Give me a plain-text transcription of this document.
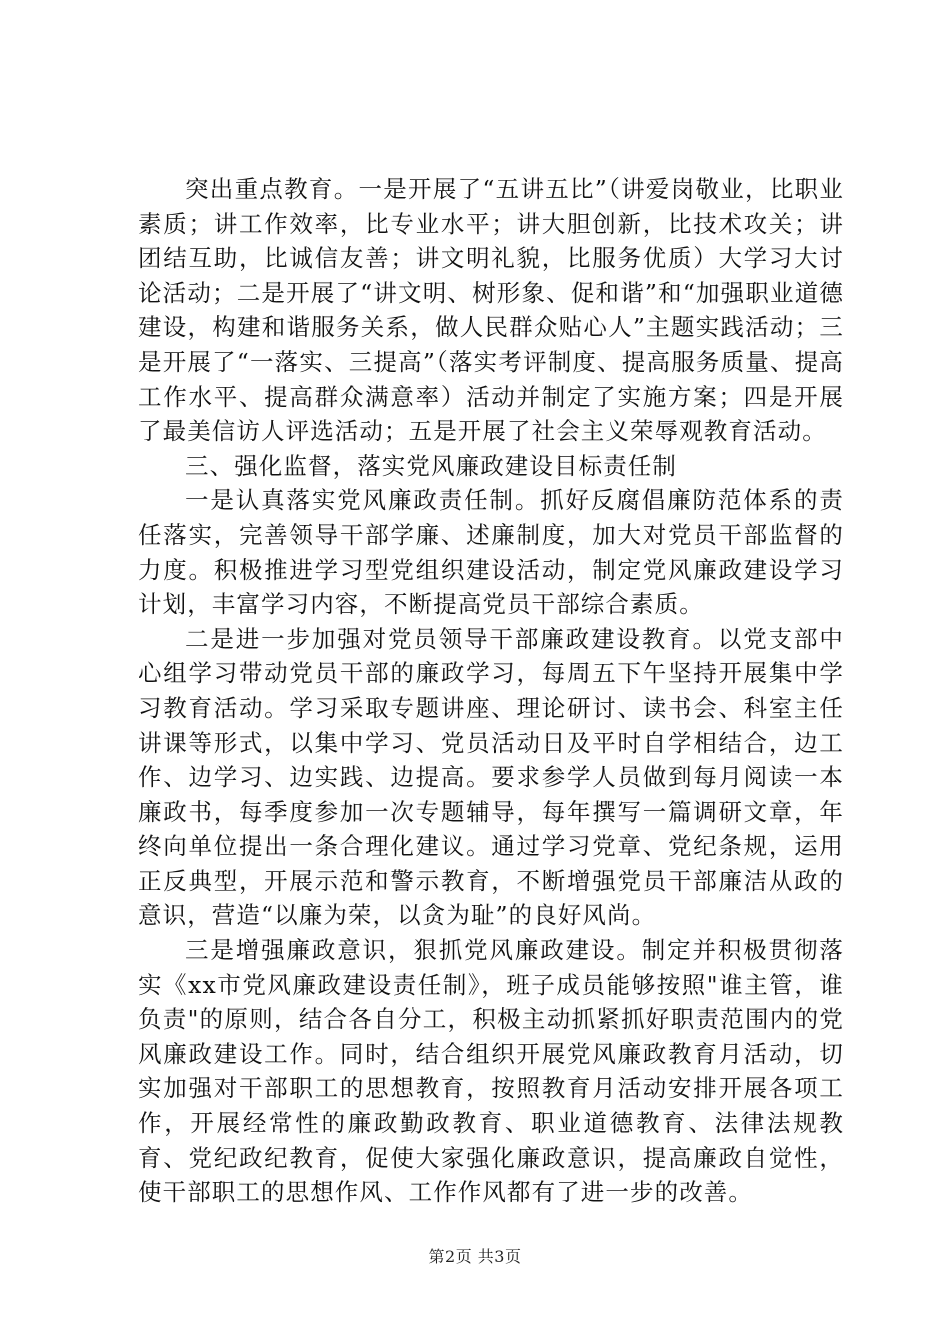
突出重点教育。一是开展了“五讲五比”（讲爱岗敬业，比职业素质；讲工作效率，比专业水平；讲大胆创新，比技术攻关；讲团结互助，比诚信友善；讲文明礼貌，比服务优质）大学习大讨论活动；二是开展了“讲文明、树形象、促和谐”和“加强职业道德建设，构建和谐服务关系，做人民群众贴心人”主题实践活动；三是开展了“一落实、三提高”（落实考评制度、提高服务质量、提高工作水平、提高群众满意率）活动并制定了实施方案；四是开展了最美信访人评选活动；五是开展了社会主义荣辱观教育活动。

三、强化监督，落实党风廉政建设目标责任制

一是认真落实党风廉政责任制。抓好反腐倡廉防范体系的责任落实，完善领导干部学廉、述廉制度，加大对党员干部监督的力度。积极推进学习型党组织建设活动，制定党风廉政建设学习计划，丰富学习内容，不断提高党员干部综合素质。

二是进一步加强对党员领导干部廉政建设教育。以党支部中心组学习带动党员干部的廉政学习，每周五下午坚持开展集中学习教育活动。学习采取专题讲座、理论研讨、读书会、科室主任讲课等形式，以集中学习、党员活动日及平时自学相结合，边工作、边学习、边实践、边提高。要求参学人员做到每月阅读一本廉政书，每季度参加一次专题辅导，每年撰写一篇调研文章，年终向单位提出一条合理化建议。通过学习党章、党纪条规，运用正反典型，开展示范和警示教育，不断增强党员干部廉洁从政的意识，营造“以廉为荣，以贪为耻”的良好风尚。

三是增强廉政意识，狠抓党风廉政建设。制定并积极贯彻落实《xx市党风廉政建设责任制》，班子成员能够按照"谁主管，谁负责"的原则，结合各自分工，积极主动抓紧抓好职责范围内的党风廉政建设工作。同时，结合组织开展党风廉政教育月活动，切实加强对干部职工的思想教育，按照教育月活动安排开展各项工作，开展经常性的廉政勤政教育、职业道德教育、法律法规教育、党纪政纪教育，促使大家强化廉政意识，提高廉政自觉性，使干部职工的思想作风、工作作风都有了进一步的改善。

第2页 共3页
